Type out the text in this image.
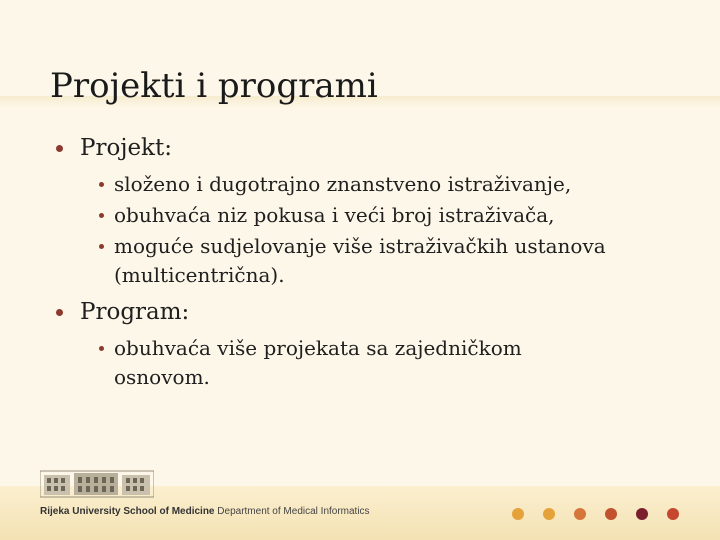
Projekti i programi
Projekt:
složeno i dugotrajno znanstveno istraživanje,
obuhvaća niz pokusa i veći broj istraživača,
moguće sudjelovanje više istraživačkih ustanova (multicentrična).
Program:
obuhvaća više projekata sa zajedničkom osnovom.
Rijeka University School of Medicine Department of Medical Informatics
